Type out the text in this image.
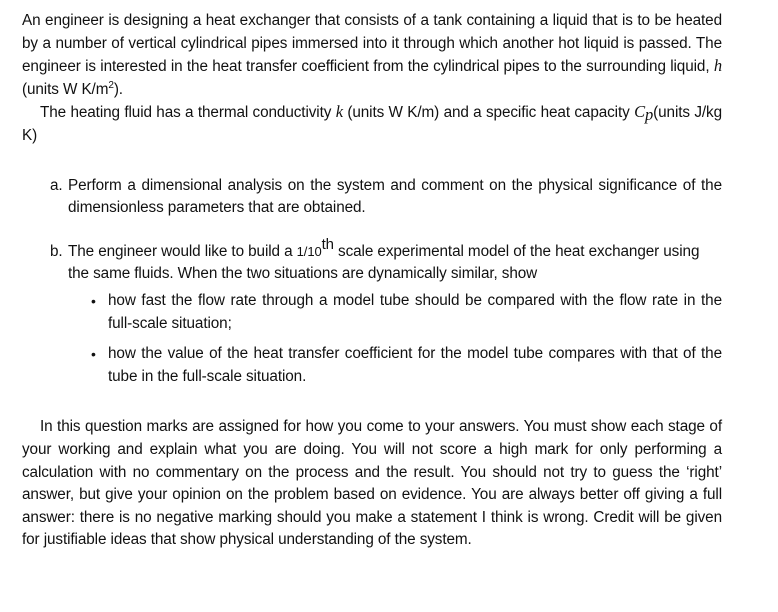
An engineer is designing a heat exchanger that consists of a tank containing a liquid that is to be heated by a number of vertical cylindrical pipes immersed into it through which another hot liquid is passed. The engineer is interested in the heat transfer coefficient from the cylindrical pipes to the surrounding liquid, h (units W $K/m^2$).

The heating fluid has a thermal conductivity k (units W K/m) and a specific heat capacity $C_p(units$ J/kg K)

a. Perform a dimensional analysis on the system and comment on the physical significance of the dimensionless parameters that are obtained.

b. The engineer would like to build a 1/10th scale experimental model of the heat exchanger using the same fluids. When the two situations are dynamically similar, show

• how fast the flow rate through a model tube should be compared with the flow rate in the full-scale situation;
• how the value of the heat transfer coefficient for the model tube compares with that of the tube in the full-scale situation.

In this question marks are assigned for how you come to your answers. You must show each stage of your working and explain what you are doing. You will not score a high mark for only performing a calculation with no commentary on the process and the result. You should not try to guess the ‘right’ answer, but give your opinion on the problem based on evidence. You are always better off giving a full answer: there is no negative marking should you make a statement I think is wrong. Credit will be given for justifiable ideas that show physical understanding of the system.
